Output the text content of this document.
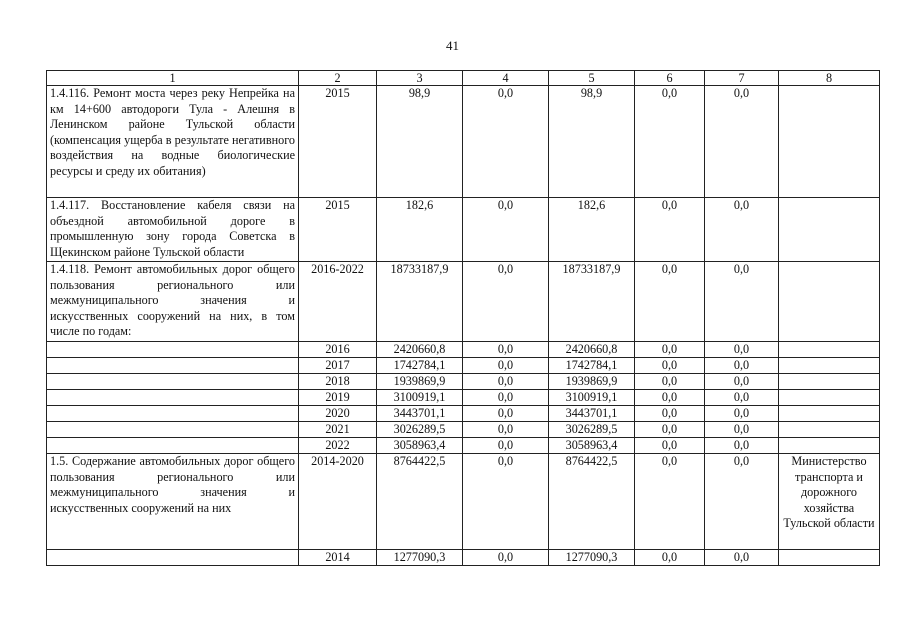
41
1	2	3	4	5	6	7	8
1.4.116. Ремонт моста через реку Непрейка на км 14+600 автодороги Тула - Алешня в Ленинском районе Тульской области (компенсация ущерба в результате негативного воздействия на водные биологические ресурсы и среду их обитания)	2015	98,9	0,0	98,9	0,0	0,0	
1.4.117. Восстановление кабеля связи на объездной автомобильной дороге в промышленную зону города Советска в Щекинском районе Тульской области	2015	182,6	0,0	182,6	0,0	0,0	
1.4.118. Ремонт автомобильных дорог общего пользования регионального или межмуниципального значения и искусственных сооружений на них, в том числе по годам:	2016-2022	18733187,9	0,0	18733187,9	0,0	0,0	
	2016	2420660,8	0,0	2420660,8	0,0	0,0	
	2017	1742784,1	0,0	1742784,1	0,0	0,0	
	2018	1939869,9	0,0	1939869,9	0,0	0,0	
	2019	3100919,1	0,0	3100919,1	0,0	0,0	
	2020	3443701,1	0,0	3443701,1	0,0	0,0	
	2021	3026289,5	0,0	3026289,5	0,0	0,0	
	2022	3058963,4	0,0	3058963,4	0,0	0,0	
1.5. Содержание автомобильных дорог общего пользования регионального или межмуниципального значения и искусственных сооружений на них	2014-2020	8764422,5	0,0	8764422,5	0,0	0,0	Министерство транспорта и дорожного хозяйства Тульской области
	2014	1277090,3	0,0	1277090,3	0,0	0,0	
